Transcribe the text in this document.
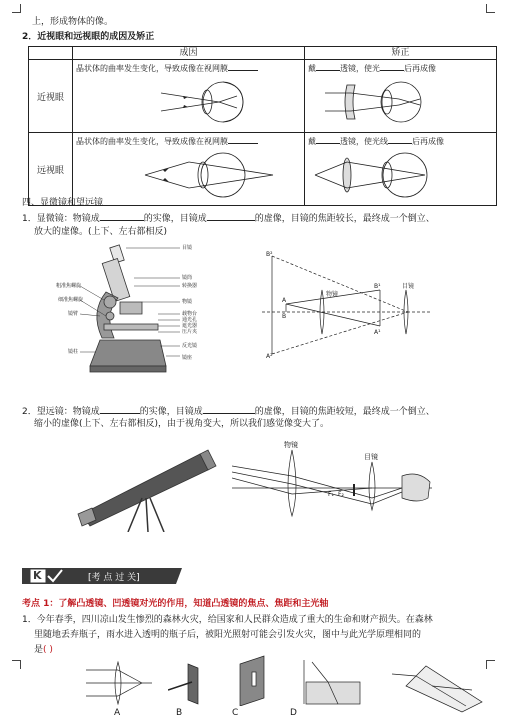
上，形成物体的像。
2．近视眼和远视眼的成因及矫正
	成因	矫正
近视眼	晶状体的曲率发生变化，导致成像在视网膜	戴 透镜，使光 后再成像

远视眼	晶状体的曲率发生变化，导致成像在视网膜	戴 透镜，使光线 后再成像
四、显微镜和望远镜
1．显微镜：物镜成	的实像，目镜成	的虚像，目镜的焦距较长，最终成一个倒立、
放大的虚像。(上下、左右都相反)
粗准焦螺旋
细准焦螺旋
镜臂
镜柱
目镜
镜筒
转换器
物镜
载物台
通光孔
遮光器
压片夹
反光镜
镜座
B²
A²
A
B
B¹
A¹
物镜
目镜
2．望远镜：物镜成	的实像，目镜成	的虚像，目镜的焦距较短，最终成一个倒立、
缩小的虚像(上下、左右都相反)，由于视角变大，所以我们感觉像变大了。
物镜
目镜
F₁ F₂
K	[考 点 过 关]
考点 1：了解凸透镜、凹透镜对光的作用，知道凸透镜的焦点、焦距和主光轴
1．今年春季，四川凉山发生惨烈的森林火灾，给国家和人民群众造成了重大的生命和财产损失。在森林
里随地丢弃瓶子，雨水进入透明的瓶子后，被阳光照射可能会引发火灾，图中与此光学原理相同的
是( )
A	B	C	D
